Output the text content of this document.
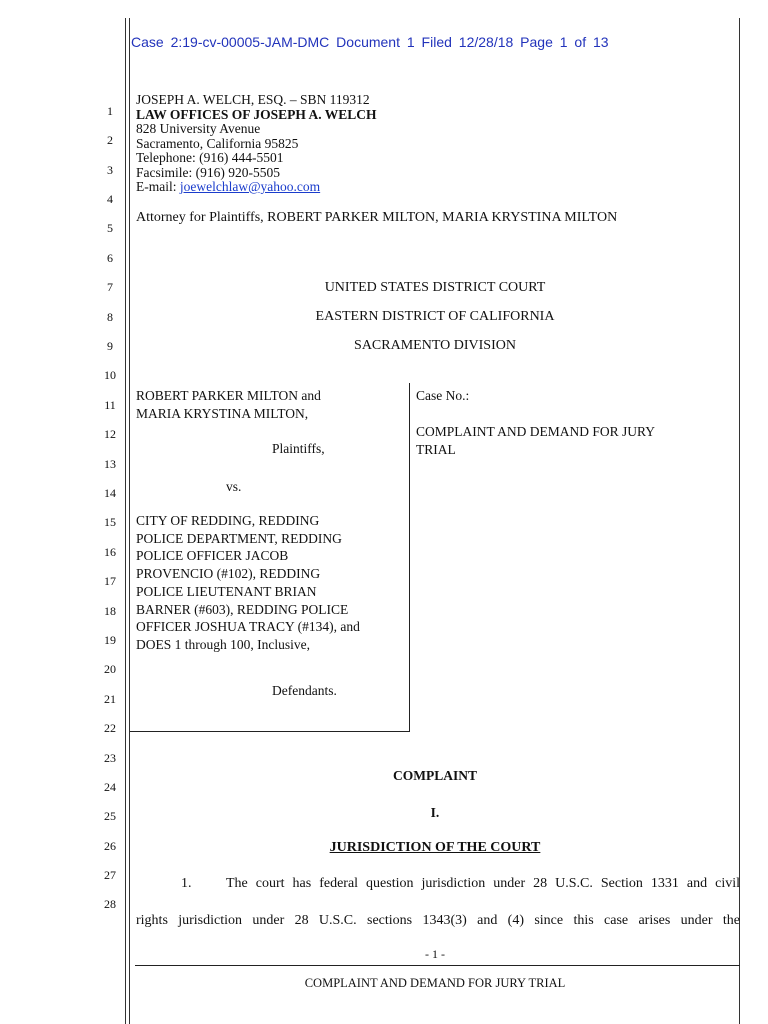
Case 2:19-cv-00005-JAM-DMC Document 1 Filed 12/28/18 Page 1 of 13
1
2
3
4
5
6
7
8
9
10
11
12
13
14
15
16
17
18
19
20
21
22
23
24
25
26
27
28
JOSEPH A. WELCH, ESQ. – SBN 119312
LAW OFFICES OF JOSEPH A. WELCH
828 University Avenue
Sacramento, California 95825
Telephone: (916) 444-5501
Facsimile: (916) 920-5505
E-mail: joewelchlaw@yahoo.com
Attorney for Plaintiffs, ROBERT PARKER MILTON, MARIA KRYSTINA MILTON
UNITED STATES DISTRICT COURT
EASTERN DISTRICT OF CALIFORNIA
SACRAMENTO DIVISION
ROBERT PARKER MILTON and
MARIA KRYSTINA MILTON,
Plaintiffs,
vs.
CITY OF REDDING, REDDING
POLICE DEPARTMENT, REDDING
POLICE OFFICER JACOB
PROVENCIO (#102), REDDING
POLICE LIEUTENANT BRIAN
BARNER (#603), REDDING POLICE
OFFICER JOSHUA TRACY (#134), and
DOES 1 through 100, Inclusive,
Defendants.
Case No.:
COMPLAINT AND DEMAND FOR JURY
TRIAL
COMPLAINT
I.
JURISDICTION OF THE COURT
1. The court has federal question jurisdiction under 28 U.S.C. Section 1331 and civil
rights jurisdiction under 28 U.S.C. sections 1343(3) and (4) since this case arises under the
- 1 -
COMPLAINT AND DEMAND FOR JURY TRIAL
